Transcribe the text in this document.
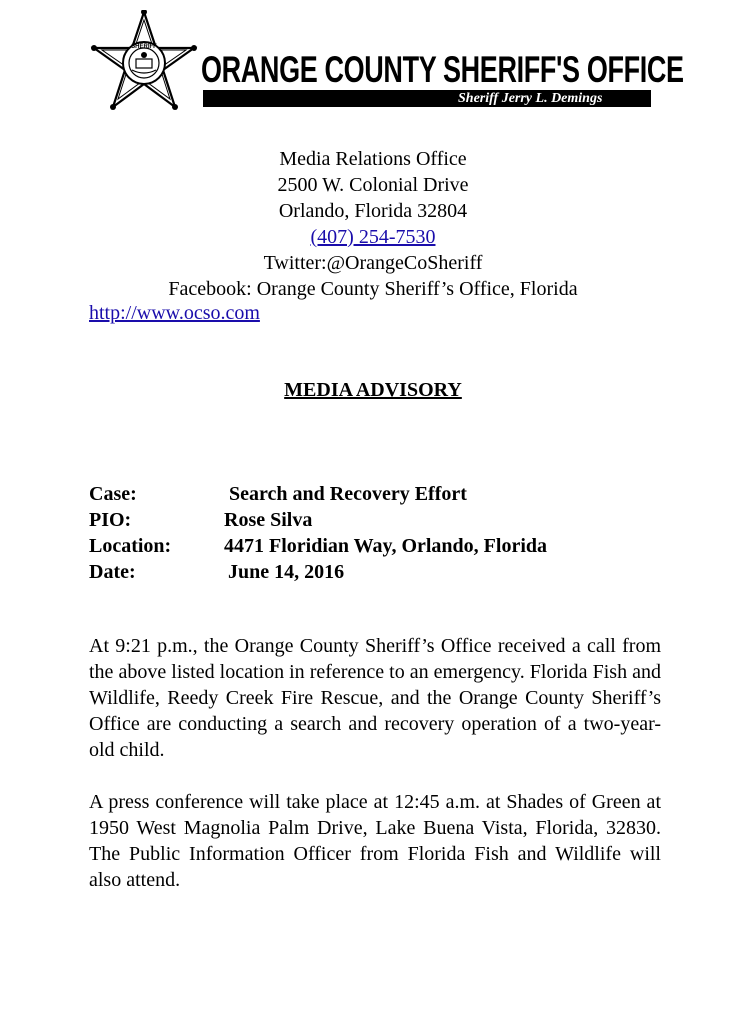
SHERIFF
ORANGE COUNTY SHERIFF'S OFFICE
Sheriff Jerry L. Demings
Media Relations Office
2500 W. Colonial Drive
Orlando, Florida 32804
(407) 254-7530
Twitter:@OrangeCoSheriff
Facebook: Orange County Sheriff’s Office, Florida
http://www.ocso.com
MEDIA ADVISORY
Case:	Search and Recovery Effort
PIO:	Rose Silva
Location:	4471 Floridian Way, Orlando, Florida
Date:	June 14, 2016
At 9:21 p.m., the Orange County Sheriff’s Office received a call from the above listed location in reference to an emergency. Florida Fish and Wildlife, Reedy Creek Fire Rescue, and the Orange County Sheriff’s Office are conducting a search and recovery operation of a two-year-old child.
A press conference will take place at 12:45 a.m. at Shades of Green at 1950 West Magnolia Palm Drive, Lake Buena Vista, Florida, 32830. The Public Information Officer from Florida Fish and Wildlife will also attend.
